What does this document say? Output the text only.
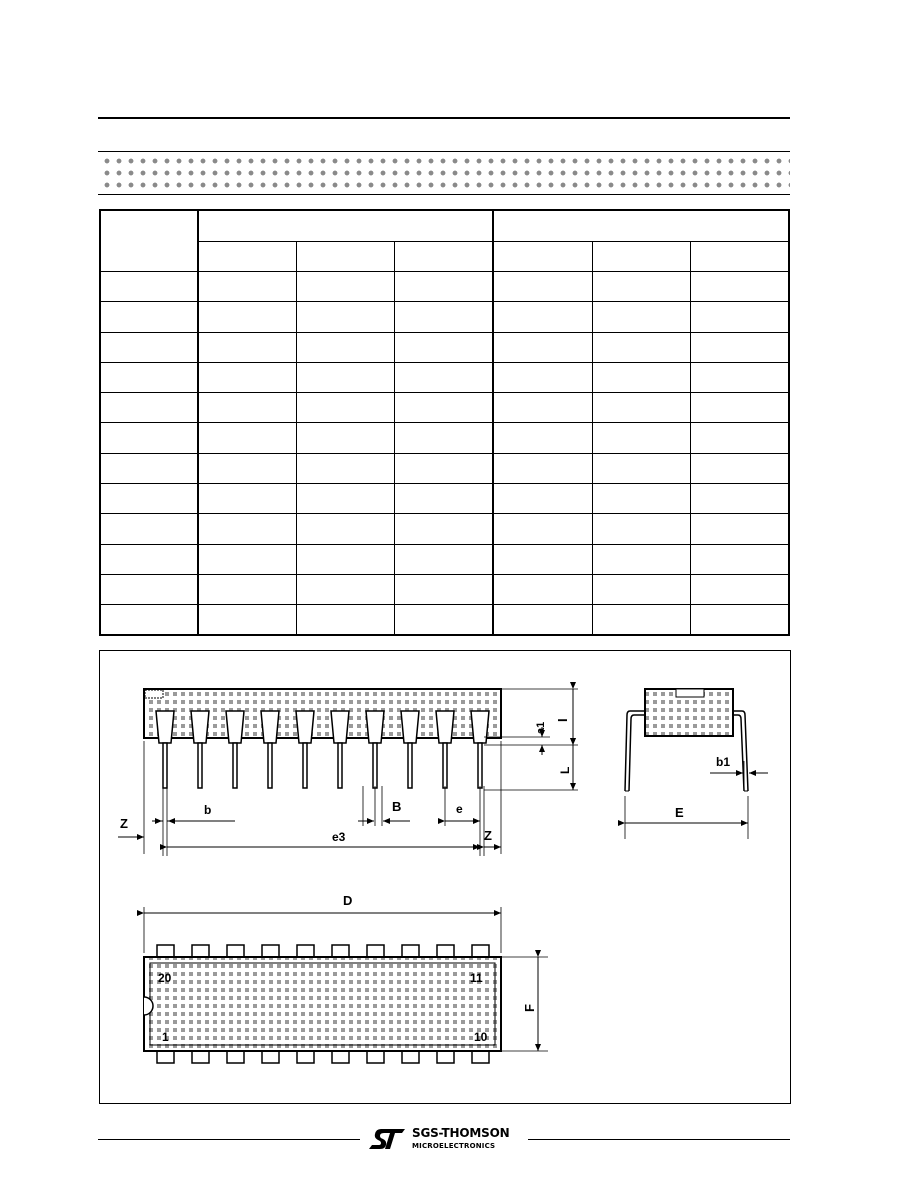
a1
I
L
b	B	e
e3
Z
Z
b1
E
D
F
20	11
1	10
SGS-THOMSON
MICROELECTRONICS
